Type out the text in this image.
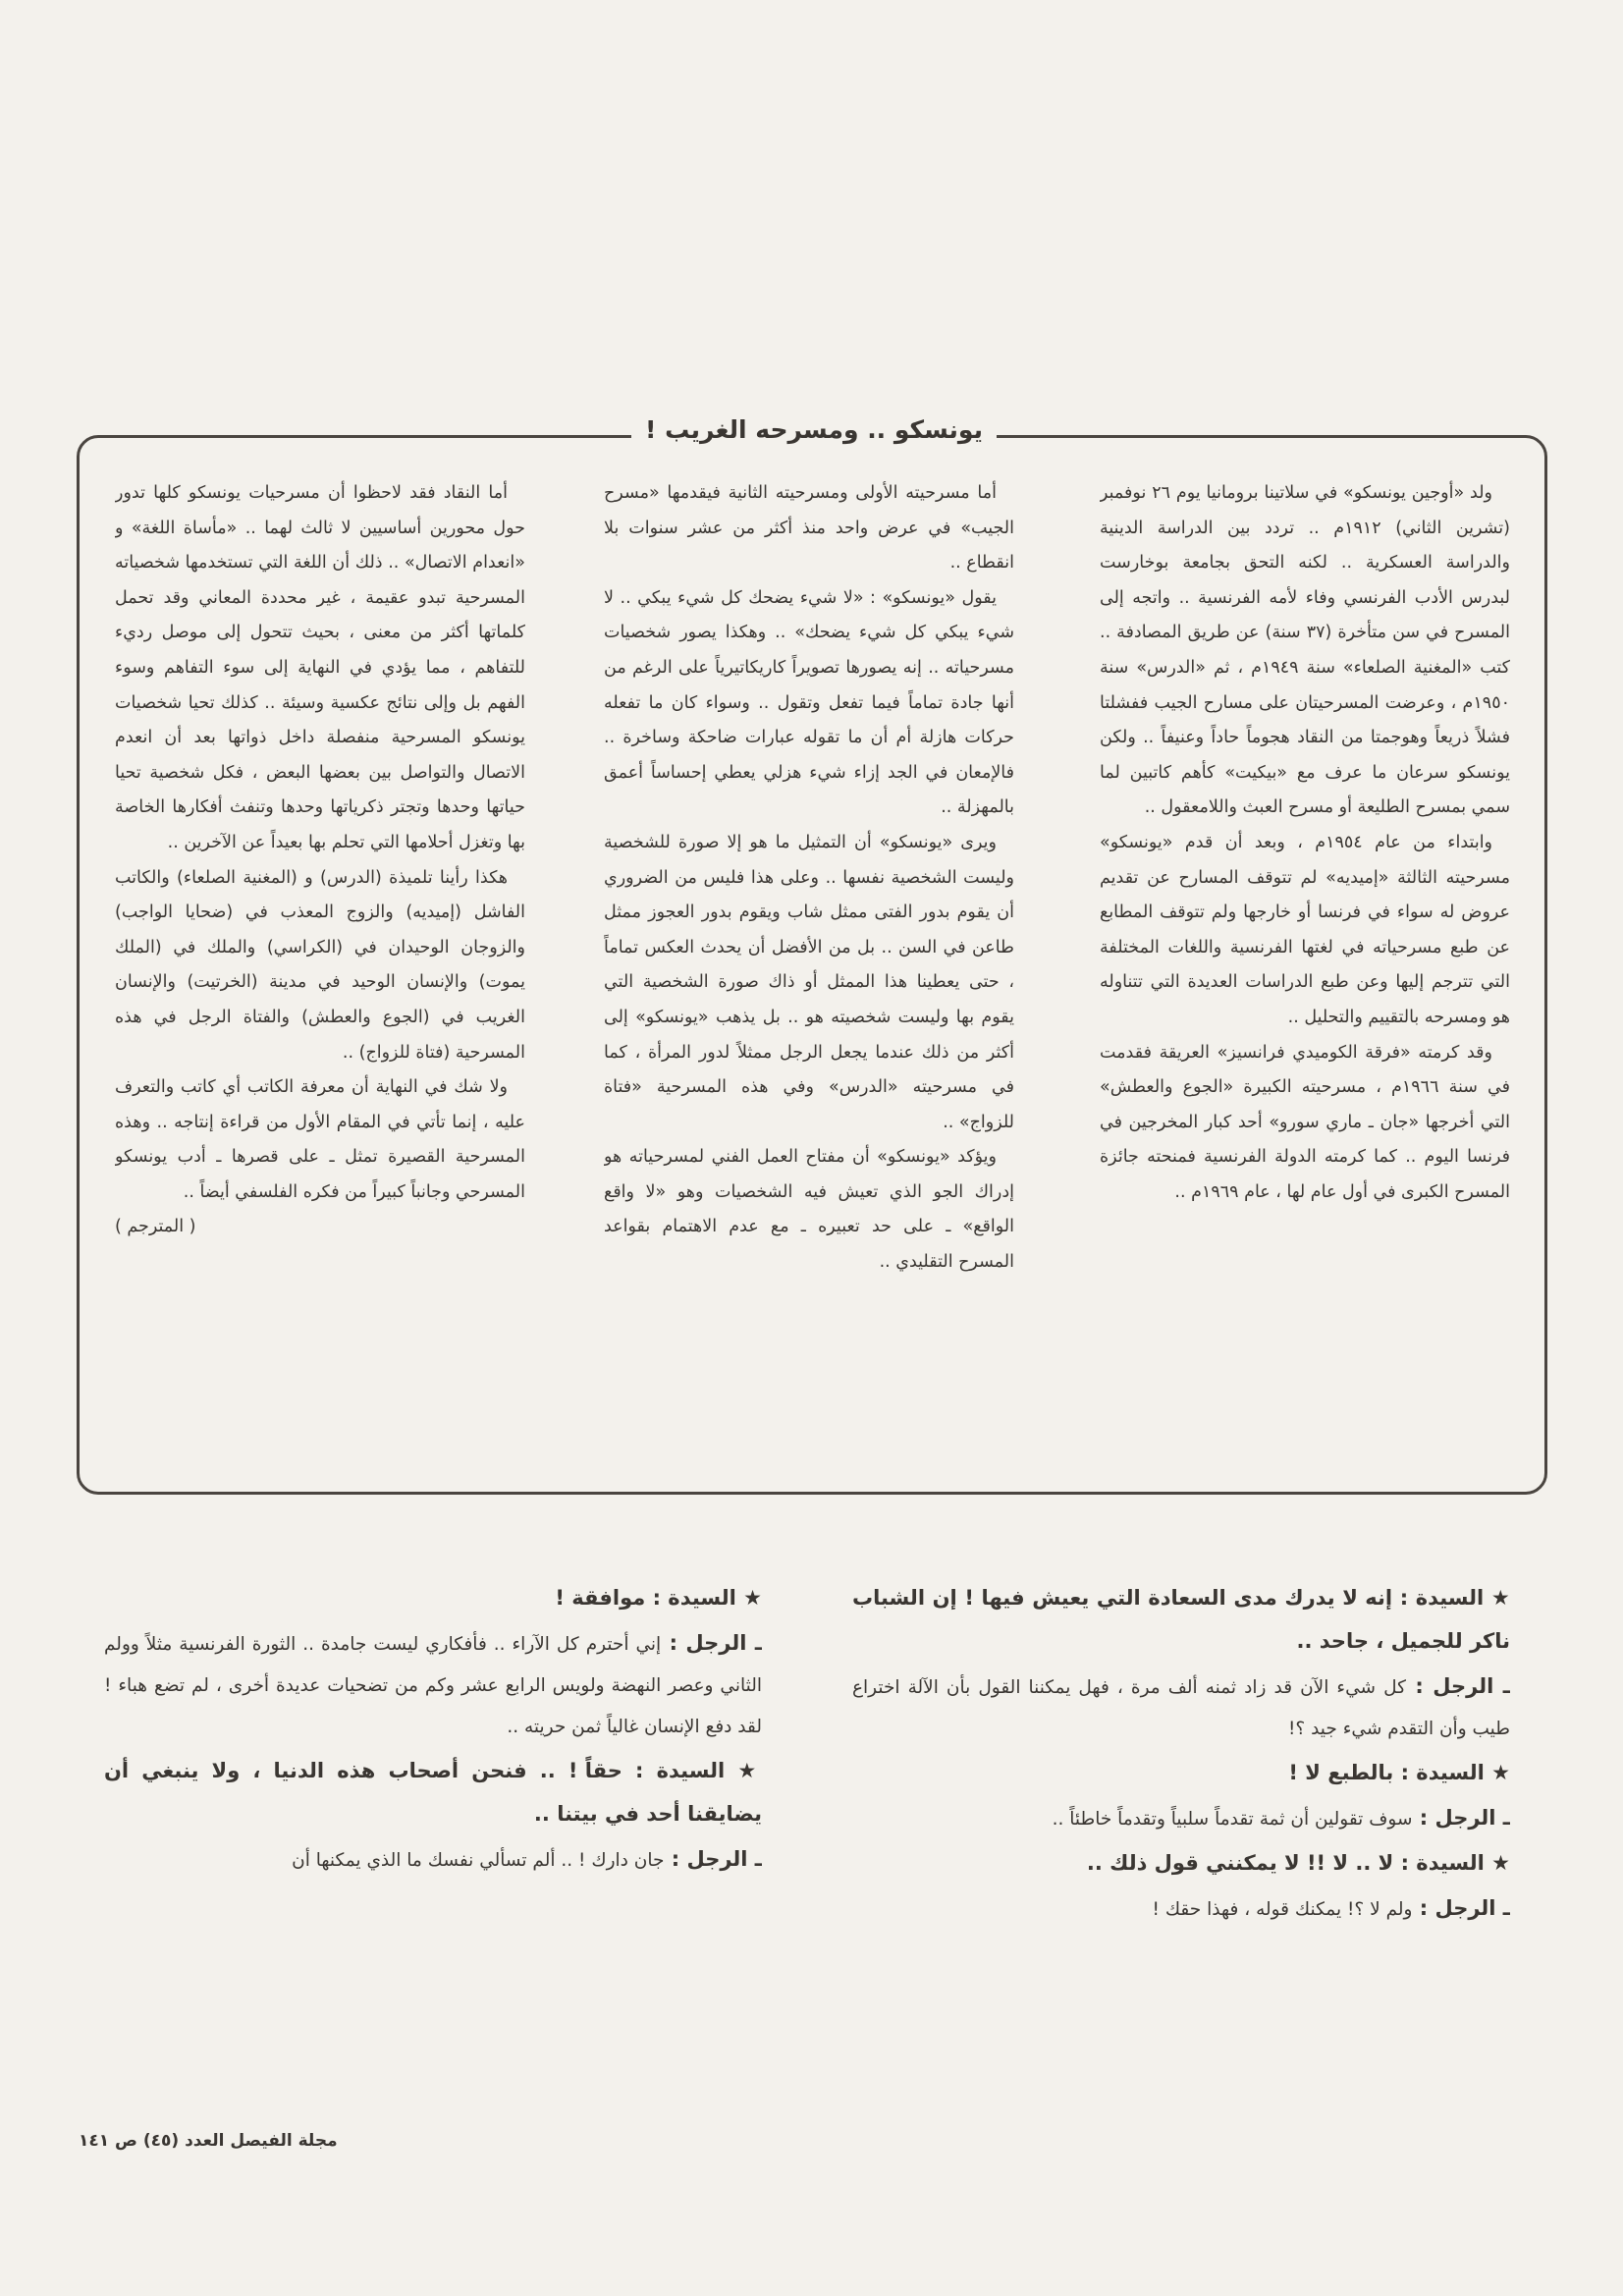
يونسكو .. ومسرحه الغريب !

ولد «أوجين يونسكو» في سلاتينا برومانيا يوم ٢٦ نوفمبر (تشرين الثاني) ١٩١٢م .. تردد بين الدراسة الدينية والدراسة العسكرية .. لكنه التحق بجامعة بوخارست لبدرس الأدب الفرنسي وفاء لأمه الفرنسية .. واتجه إلى المسرح في سن متأخرة (٣٧ سنة) عن طريق المصادفة .. كتب «المغنية الصلعاء» سنة ١٩٤٩م ، ثم «الدرس» سنة ١٩٥٠م ، وعرضت المسرحيتان على مسارح الجيب ففشلتا فشلاً ذريعاً وهوجمتا من النقاد هجوماً حاداً وعنيفاً .. ولكن يونسكو سرعان ما عرف مع «بيكيت» كأهم كاتبين لما سمي بمسرح الطليعة أو مسرح العبث واللامعقول ..

وابتداء من عام ١٩٥٤م ، وبعد أن قدم «يونسكو» مسرحيته الثالثة «إميديه» لم تتوقف المسارح عن تقديم عروض له سواء في فرنسا أو خارجها ولم تتوقف المطابع عن طبع مسرحياته في لغتها الفرنسية واللغات المختلفة التي تترجم إليها وعن طبع الدراسات العديدة التي تتناوله هو ومسرحه بالتقييم والتحليل ..

وقد كرمته «فرقة الكوميدي فرانسيز» العريقة فقدمت في سنة ١٩٦٦م ، مسرحيته الكبيرة «الجوع والعطش» التي أخرجها «جان ـ ماري سورو» أحد كبار المخرجين في فرنسا اليوم .. كما كرمته الدولة الفرنسية فمنحته جائزة المسرح الكبرى في أول عام لها ، عام ١٩٦٩م ..

أما مسرحيته الأولى ومسرحيته الثانية فيقدمها «مسرح الجيب» في عرض واحد منذ أكثر من عشر سنوات بلا انقطاع ..

يقول «يونسكو» : «لا شيء يضحك كل شيء يبكي .. لا شيء يبكي كل شيء يضحك» .. وهكذا يصور شخصيات مسرحياته .. إنه يصورها تصويراً كاريكاتيرياً على الرغم من أنها جادة تماماً فيما تفعل وتقول .. وسواء كان ما تفعله حركات هازلة أم أن ما تقوله عبارات ضاحكة وساخرة .. فالإمعان في الجد إزاء شيء هزلي يعطي إحساساً أعمق بالمهزلة ..

ويرى «يونسكو» أن التمثيل ما هو إلا صورة للشخصية وليست الشخصية نفسها .. وعلى هذا فليس من الضروري أن يقوم بدور الفتى ممثل شاب ويقوم بدور العجوز ممثل طاعن في السن .. بل من الأفضل أن يحدث العكس تماماً ، حتى يعطينا هذا الممثل أو ذاك صورة الشخصية التي يقوم بها وليست شخصيته هو .. بل يذهب «يونسكو» إلى أكثر من ذلك عندما يجعل الرجل ممثلاً لدور المرأة ، كما في مسرحيته «الدرس» وفي هذه المسرحية «فتاة للزواج» ..

ويؤكد «يونسكو» أن مفتاح العمل الفني لمسرحياته هو إدراك الجو الذي تعيش فيه الشخصيات وهو «لا واقع الواقع» ـ على حد تعبيره ـ مع عدم الاهتمام بقواعد المسرح التقليدي ..

أما النقاد فقد لاحظوا أن مسرحيات يونسكو كلها تدور حول محورين أساسيين لا ثالث لهما .. «مأساة اللغة» و «انعدام الاتصال» .. ذلك أن اللغة التي تستخدمها شخصياته المسرحية تبدو عقيمة ، غير محددة المعاني وقد تحمل كلماتها أكثر من معنى ، بحيث تتحول إلى موصل رديء للتفاهم ، مما يؤدي في النهاية إلى سوء التفاهم وسوء الفهم بل وإلى نتائج عكسية وسيئة .. كذلك تحيا شخصيات يونسكو المسرحية منفصلة داخل ذواتها بعد أن انعدم الاتصال والتواصل بين بعضها البعض ، فكل شخصية تحيا حياتها وحدها وتجتر ذكرياتها وحدها وتنفث أفكارها الخاصة بها وتغزل أحلامها التي تحلم بها بعيداً عن الآخرين ..

هكذا رأينا تلميذة (الدرس) و (المغنية الصلعاء) والكاتب الفاشل (إميديه) والزوج المعذب في (ضحايا الواجب) والزوجان الوحيدان في (الكراسي) والملك في (الملك يموت) والإنسان الوحيد في مدينة (الخرتيت) والإنسان الغريب في (الجوع والعطش) والفتاة الرجل في هذه المسرحية (فتاة للزواج) ..

ولا شك في النهاية أن معرفة الكاتب أي كاتب والتعرف عليه ، إنما تأتي في المقام الأول من قراءة إنتاجه .. وهذه المسرحية القصيرة تمثل ـ على قصرها ـ أدب يونسكو المسرحي وجانباً كبيراً من فكره الفلسفي أيضاً ..

( المترجم )

★ السيدة : إنه لا يدرك مدى السعادة التي يعيش فيها ! إن الشباب ناكر للجميل ، جاحد ..

ـ الرجل : كل شيء الآن قد زاد ثمنه ألف مرة ، فهل يمكننا القول بأن الآلة اختراع طيب وأن التقدم شيء جيد ؟!

★ السيدة : بالطبع لا !

ـ الرجل : سوف تقولين أن ثمة تقدماً سلبياً وتقدماً خاطئاً ..

★ السيدة : لا .. لا !! لا يمكنني قول ذلك ..

ـ الرجل : ولم لا ؟! يمكنك قوله ، فهذا حقك !

★ السيدة : موافقة !

ـ الرجل : إني أحترم كل الآراء .. فأفكاري ليست جامدة .. الثورة الفرنسية مثلاً وولم الثاني وعصر النهضة ولويس الرابع عشر وكم من تضحيات عديدة أخرى ، لم تضع هباء ! لقد دفع الإنسان غالياً ثمن حريته ..

★ السيدة : حقاً ! .. فنحن أصحاب هذه الدنيا ، ولا ينبغي أن يضايقنا أحد في بيتنا ..

ـ الرجل : جان دارك ! .. ألم تسألي نفسك ما الذي يمكنها أن

مجلة الفيصل العدد (٤٥) ص ١٤١
